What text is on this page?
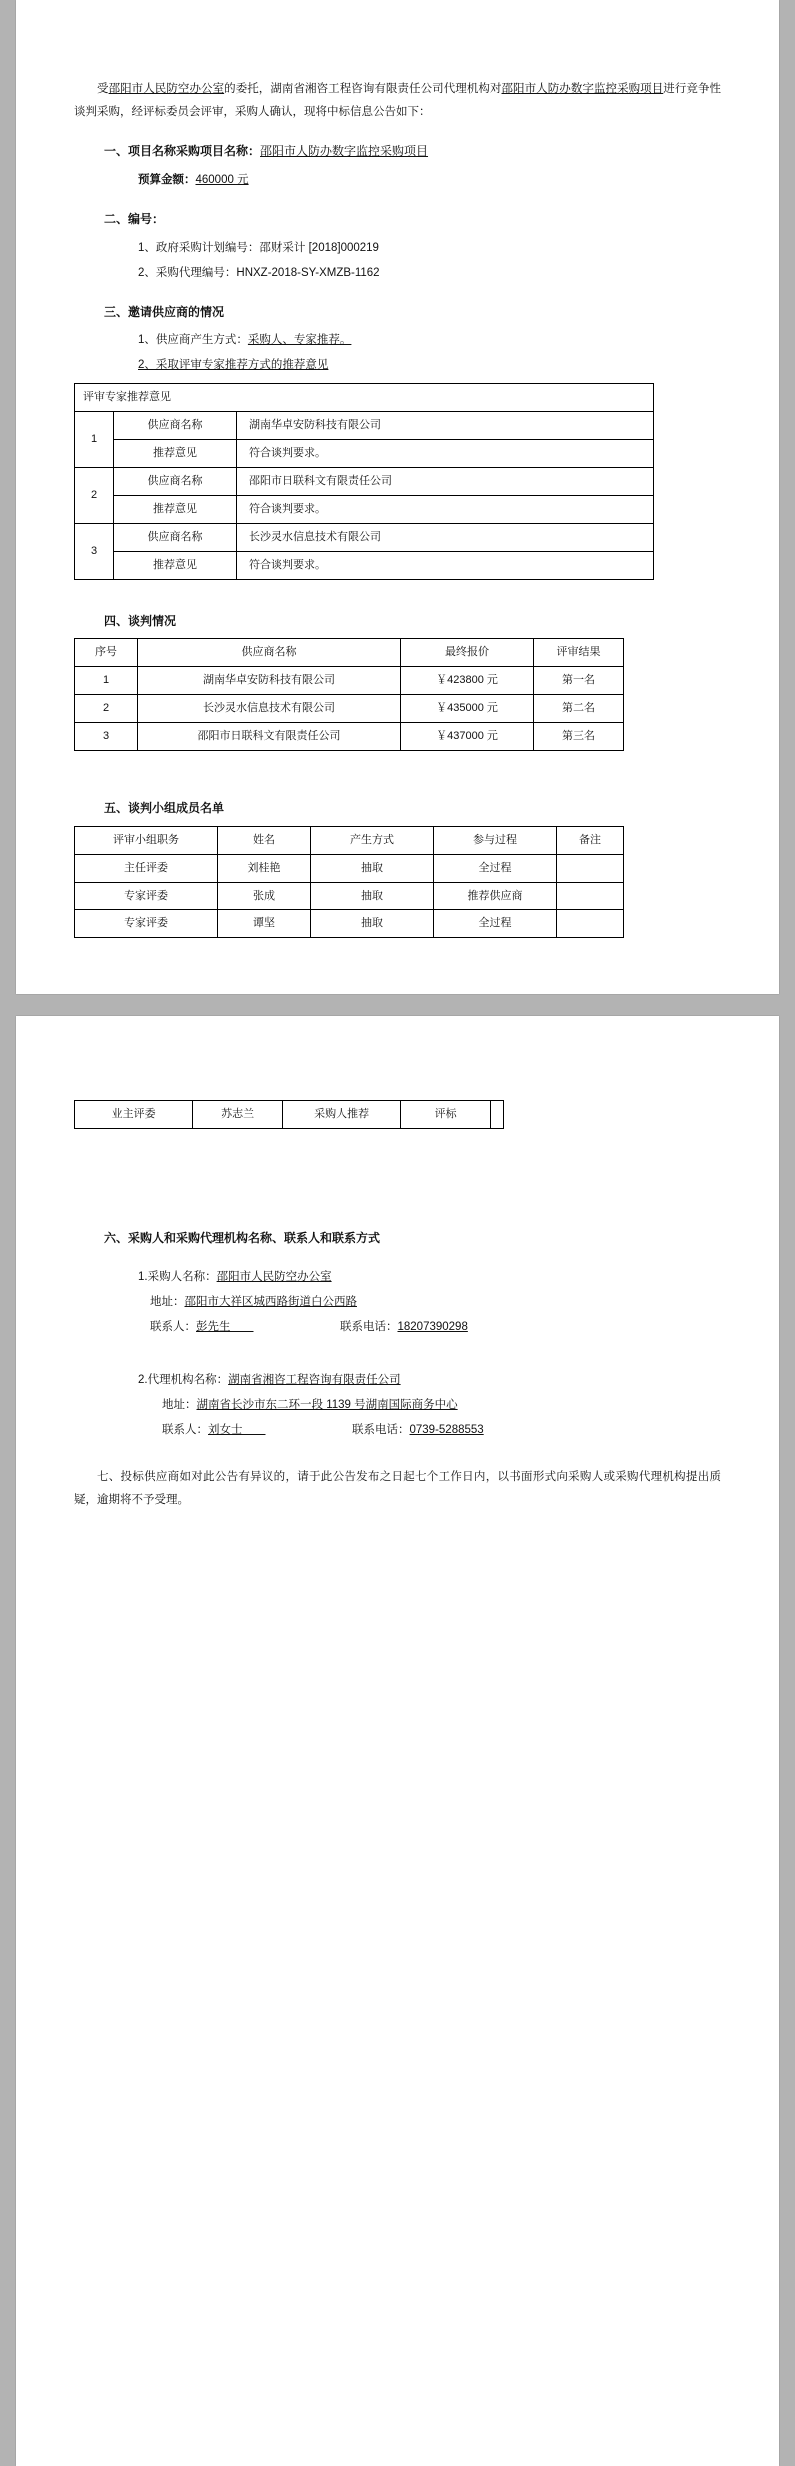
受邵阳市人民防空办公室的委托，湖南省湘咨工程咨询有限责任公司代理机构对邵阳市人防办数字监控采购项目进行竞争性谈判采购，经评标委员会评审，采购人确认，现将中标信息公告如下：

一、项目名称采购项目名称：邵阳市人防办数字监控采购项目
预算金额：460000 元
二、编号：
1、政府采购计划编号：邵财采计 [2018]000219
2、采购代理编号：HNXZ-2018-SY-XMZB-1162
三、邀请供应商的情况
1、供应商产生方式：采购人、专家推荐。
2、采取评审专家推荐方式的推荐意见
评审专家推荐意见		
1	供应商名称	湖南华卓安防科技有限公司
	推荐意见	符合谈判要求。
2	供应商名称	邵阳市日联科文有限责任公司
	推荐意见	符合谈判要求。
3	供应商名称	长沙灵水信息技术有限公司
	推荐意见	符合谈判要求。
四、谈判情况
序号	供应商名称	最终报价	评审结果
1	湖南华卓安防科技有限公司	￥423800 元	第一名
2	长沙灵水信息技术有限公司	￥435000 元	第二名
3	邵阳市日联科文有限责任公司	￥437000 元	第三名
五、谈判小组成员名单
评审小组职务	姓名	产生方式	参与过程	备注
主任评委	刘桂艳	抽取	全过程	
专家评委	张成	抽取	推荐供应商	
专家评委	谭坚	抽取	全过程	
业主评委	苏志兰	采购人推荐	评标	
六、采购人和采购代理机构名称、联系人和联系方式
1.采购人名称：邵阳市人民防空办公室
地址：邵阳市大祥区城西路街道白公西路
联系人：彭先生　　	联系电话：18207390298
2.代理机构名称：湖南省湘咨工程咨询有限责任公司
地址：湖南省长沙市东二环一段 1139 号湖南国际商务中心
联系人：刘女士　　	联系电话：0739-5288553

七、投标供应商如对此公告有异议的，请于此公告发布之日起七个工作日内，以书面形式向采购人或采购代理机构提出质疑，逾期将不予受理。
